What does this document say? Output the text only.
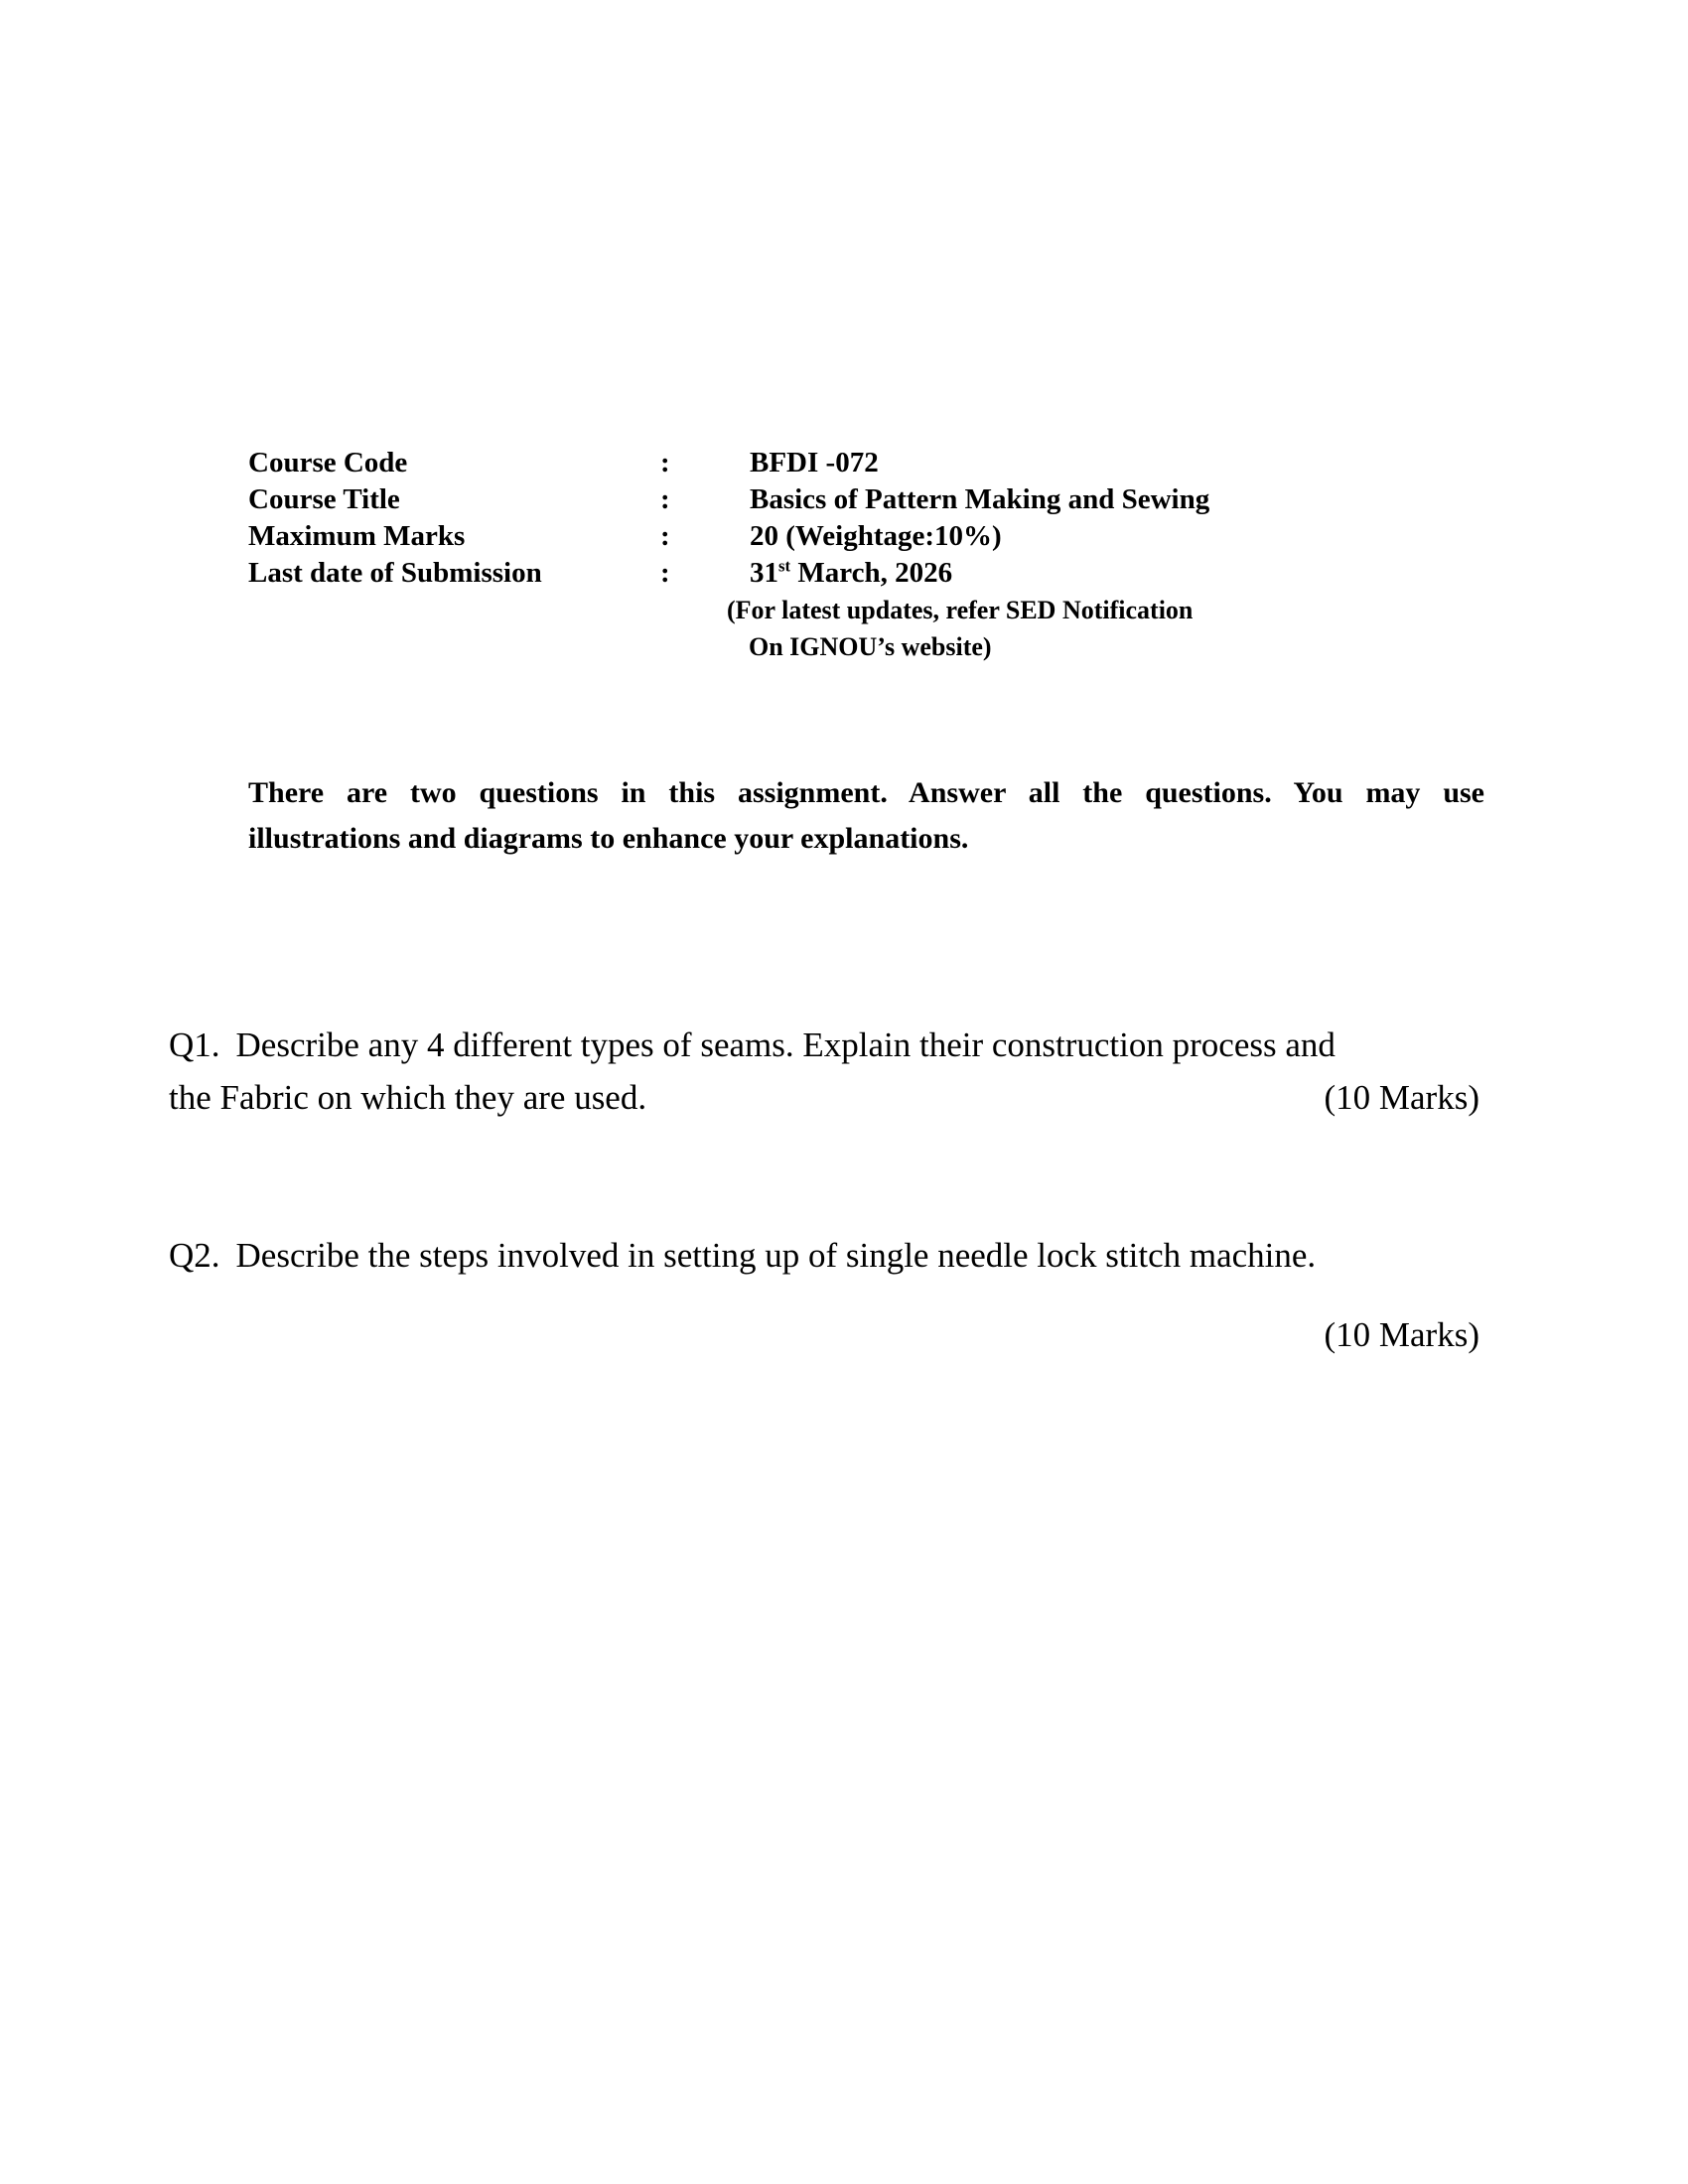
Course Code	:	BFDI -072
Course Title	:	Basics of Pattern Making and Sewing
Maximum Marks	:	20 (Weightage:10%)
Last date of Submission	:	31st March, 2026
(For latest updates, refer SED Notification
On IGNOU’s website)
There are two questions in this assignment. Answer all the questions. You may use
illustrations and diagrams to enhance your explanations.
Q1. Describe any 4 different types of seams. Explain their construction process and
(10 Marks)
the Fabric on which they are used.
Q2. Describe the steps involved in setting up of single needle lock stitch machine.
(10 Marks)
